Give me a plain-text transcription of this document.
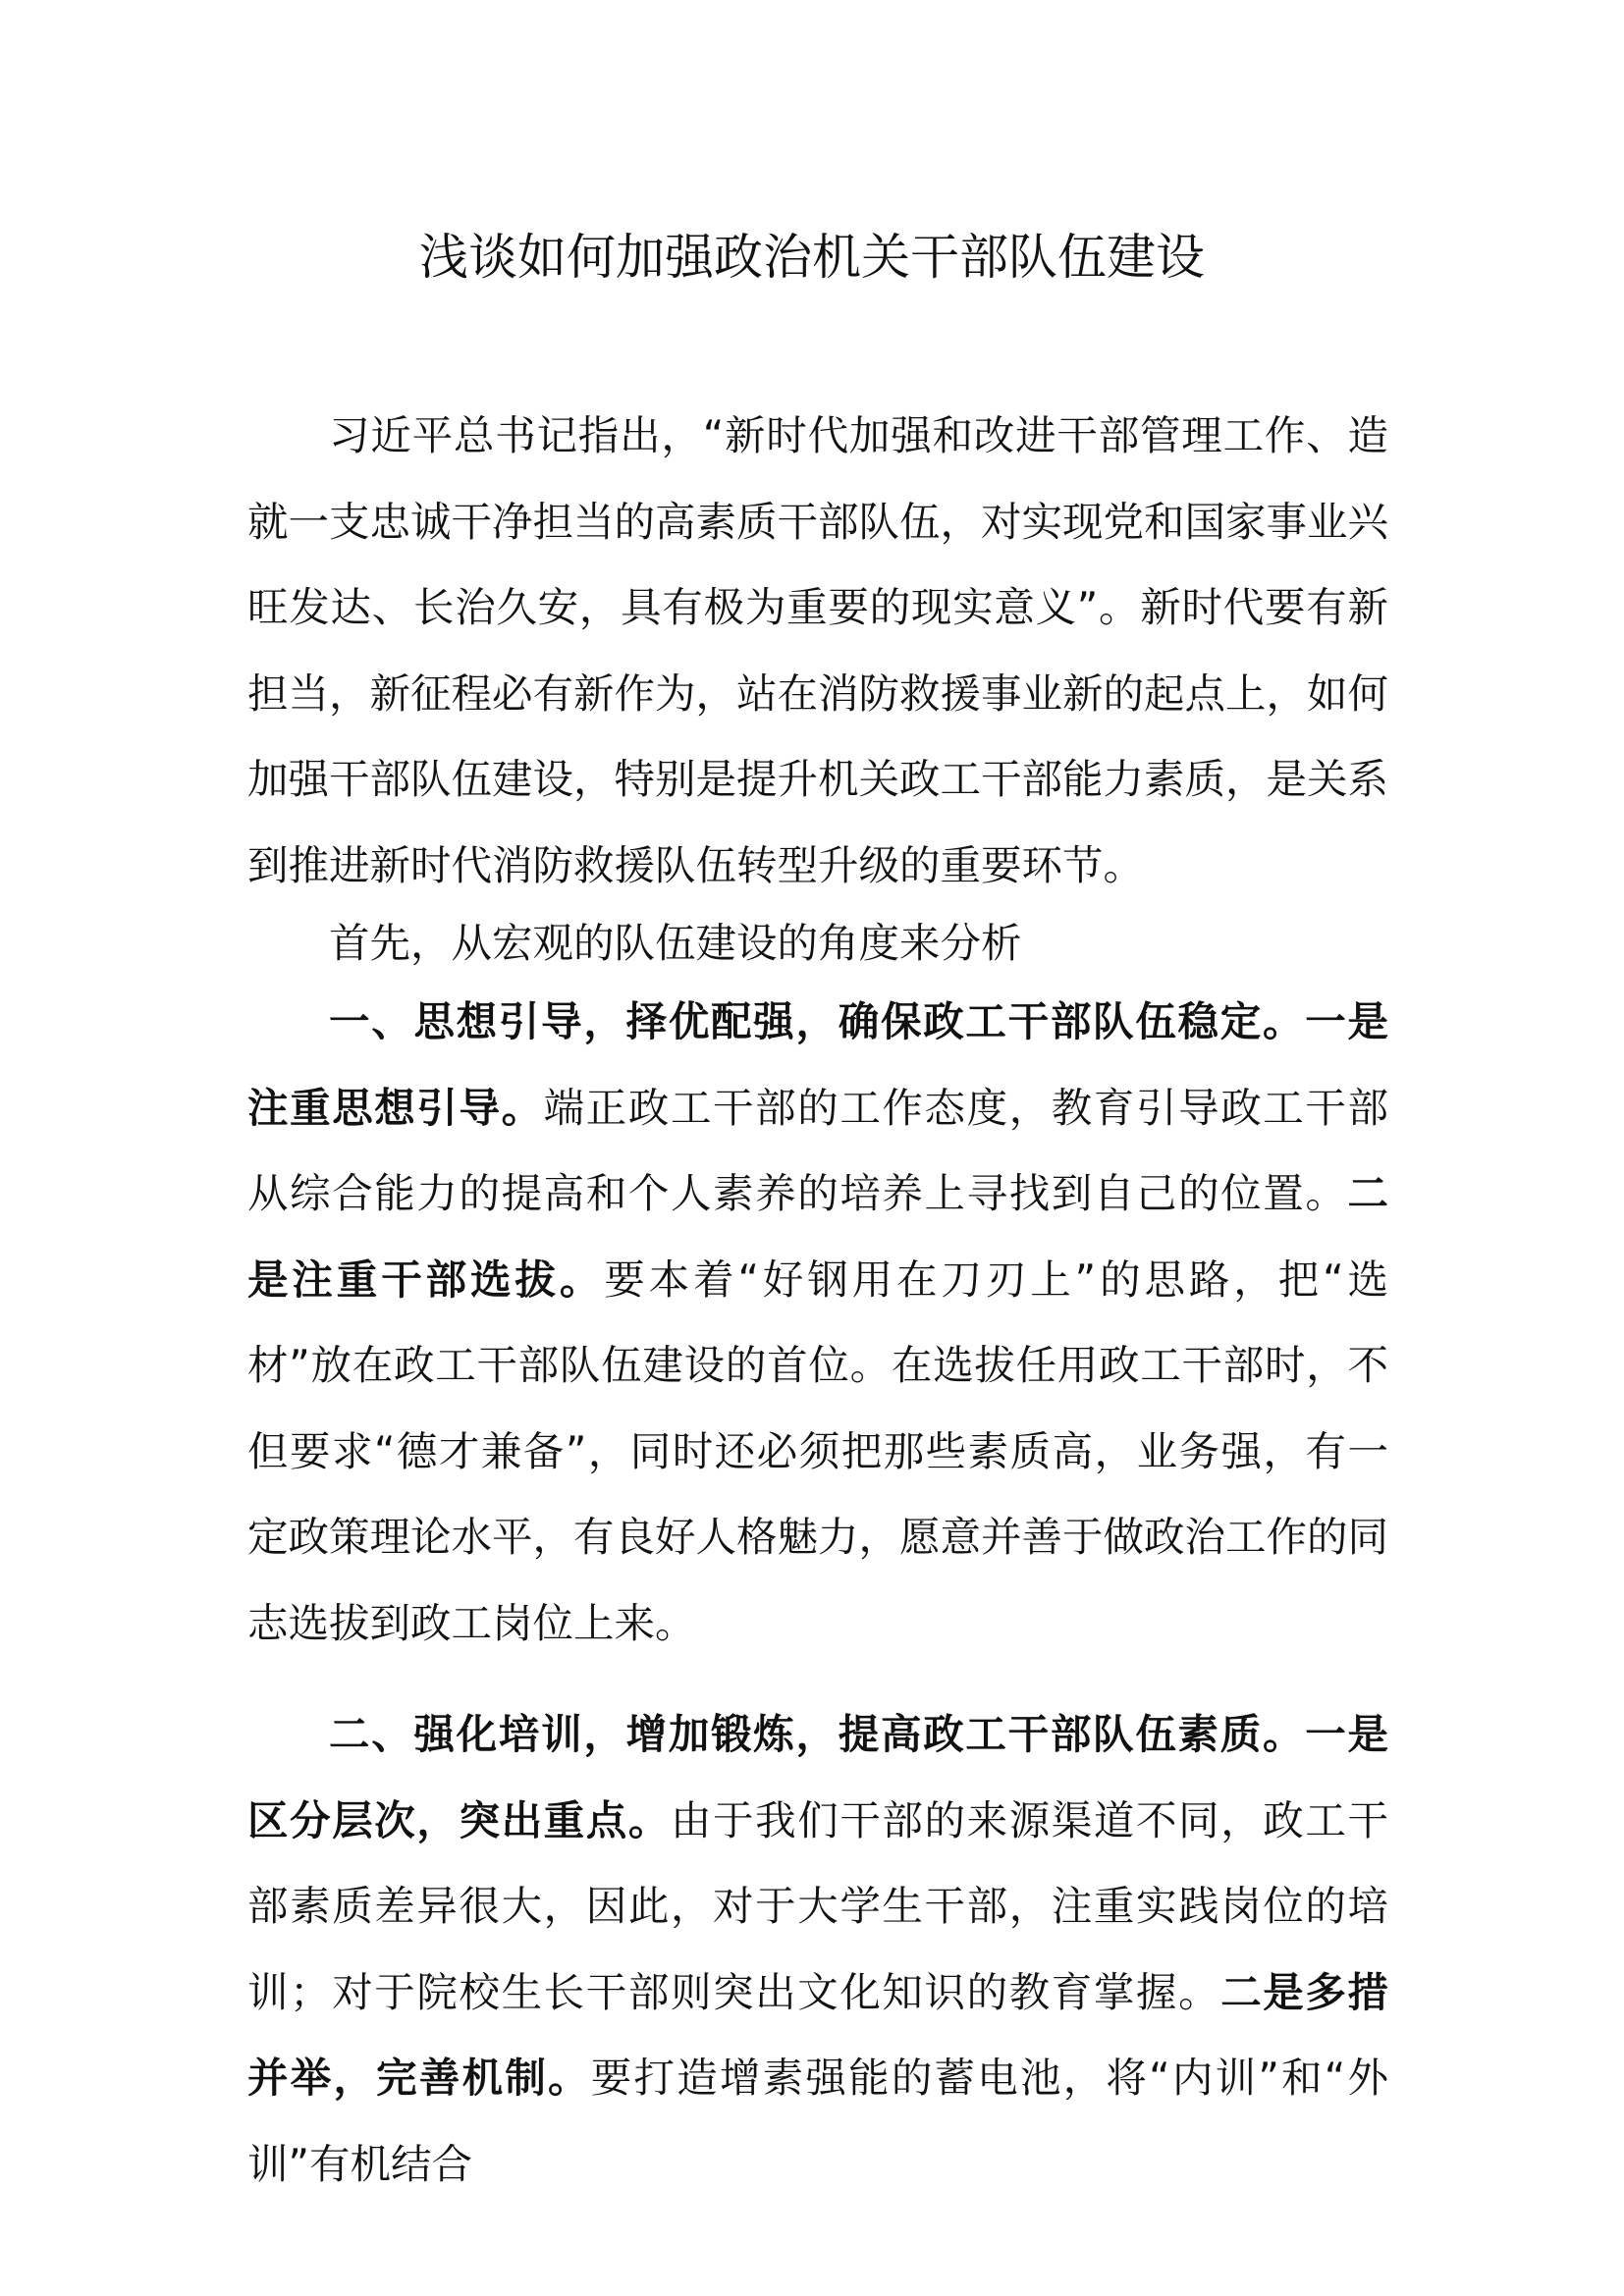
浅谈如何加强政治机关干部队伍建设

习近平总书记指出，“新时代加强和改进干部管理工作、造就一支忠诚干净担当的高素质干部队伍，对实现党和国家事业兴旺发达、长治久安，具有极为重要的现实意义”。新时代要有新担当，新征程必有新作为，站在消防救援事业新的起点上，如何加强干部队伍建设，特别是提升机关政工干部能力素质，是关系到推进新时代消防救援队伍转型升级的重要环节。

首先，从宏观的队伍建设的角度来分析

一、思想引导，择优配强，确保政工干部队伍稳定。一是注重思想引导。端正政工干部的工作态度，教育引导政工干部从综合能力的提高和个人素养的培养上寻找到自己的位置。二是注重干部选拔。要本着“好钢用在刀刃上”的思路，把“选材”放在政工干部队伍建设的首位。在选拔任用政工干部时，不但要求“德才兼备”，同时还必须把那些素质高，业务强，有一定政策理论水平，有良好人格魅力，愿意并善于做政治工作的同志选拔到政工岗位上来。

二、强化培训，增加锻炼，提高政工干部队伍素质。一是区分层次，突出重点。由于我们干部的来源渠道不同，政工干部素质差异很大，因此，对于大学生干部，注重实践岗位的培训；对于院校生长干部则突出文化知识的教育掌握。二是多措并举，完善机制。要打造增素强能的蓄电池，将“内训”和“外训”有机结合
